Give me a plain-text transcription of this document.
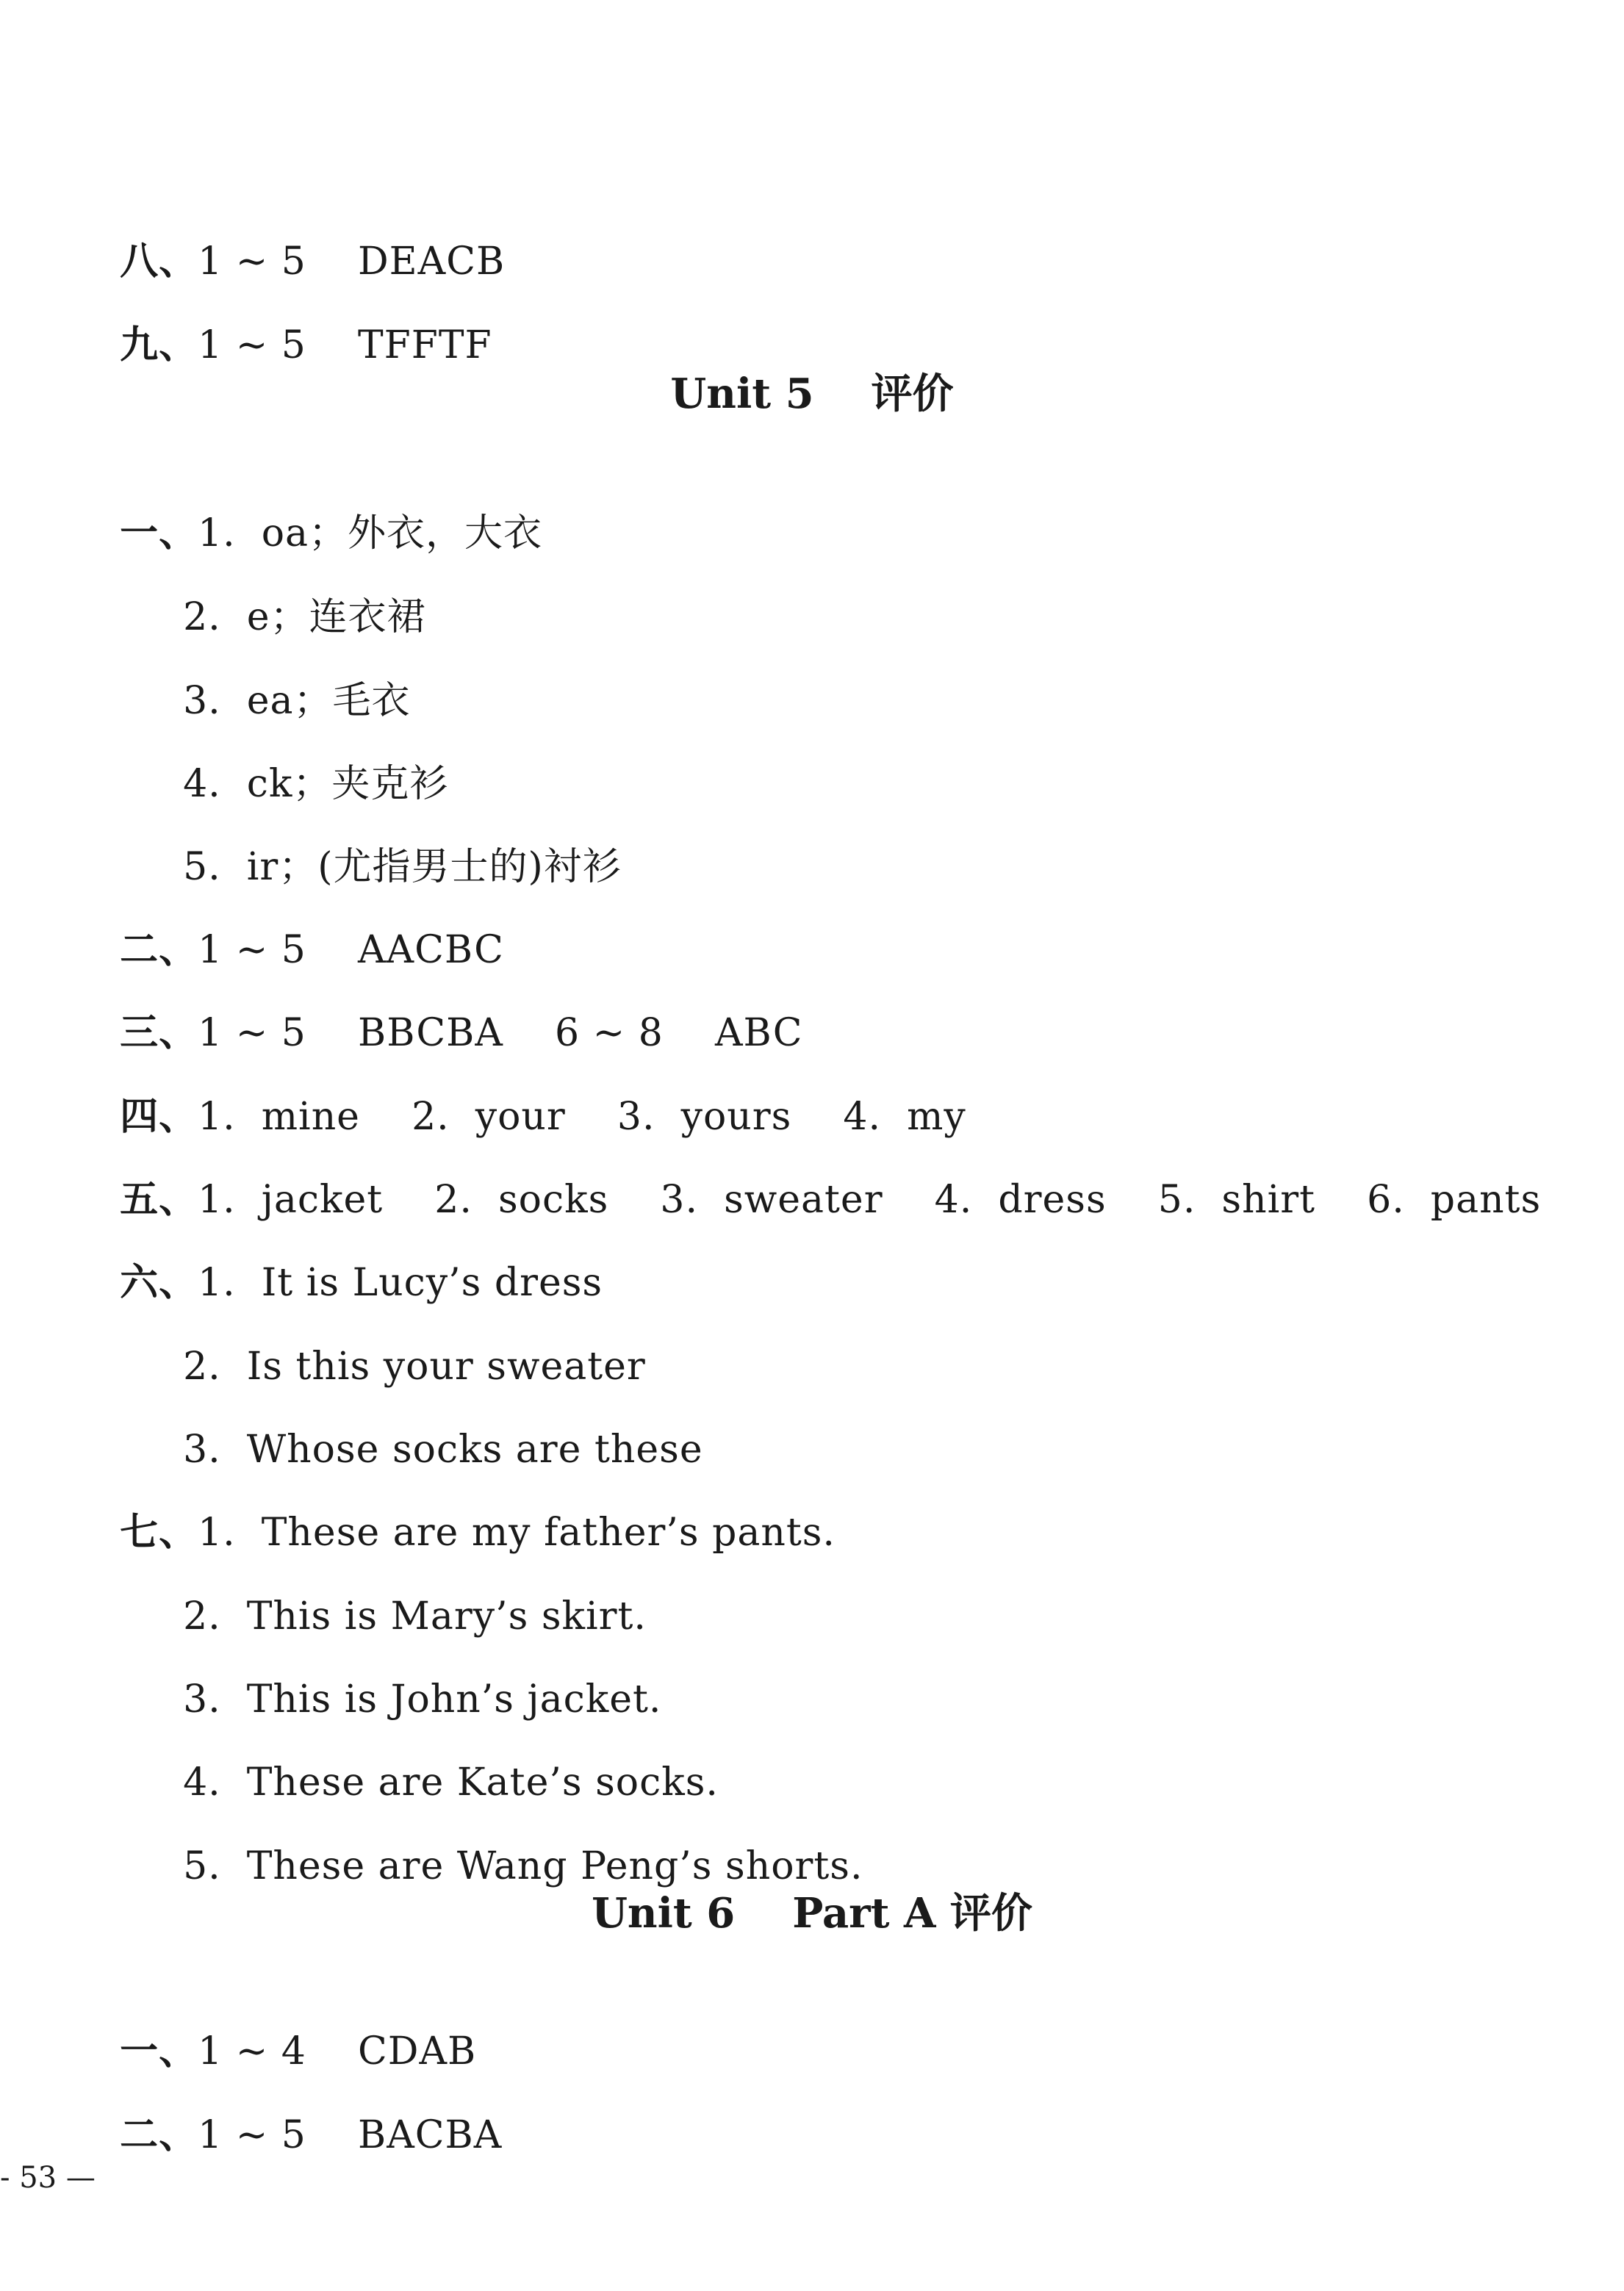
八、1 ~ 5    DEACB

九、1 ~ 5    TFFTF

Unit 5    评价

一、1.  oa；外衣，大衣

2.  e；连衣裙

3.  ea；毛衣

4.  ck；夹克衫

5.  ir；(尤指男士的)衬衫

二、1 ~ 5    AACBC

三、1 ~ 5    BBCBA    6 ~ 8    ABC

四、1.  mine    2.  your    3.  yours    4.  my

五、1.  jacket    2.  socks    3.  sweater    4.  dress    5.  shirt    6.  pants

六、1.  It is Lucy’s dress

2.  Is this your sweater

3.  Whose socks are these

七、1.  These are my father’s pants.

2.  This is Mary’s skirt.

3.  This is John’s jacket.

4.  These are Kate’s socks.

5.  These are Wang Peng’s shorts.

Unit 6    Part A 评价

一、1 ~ 4    CDAB

二、1 ~ 5    BACBA

- 53 —
